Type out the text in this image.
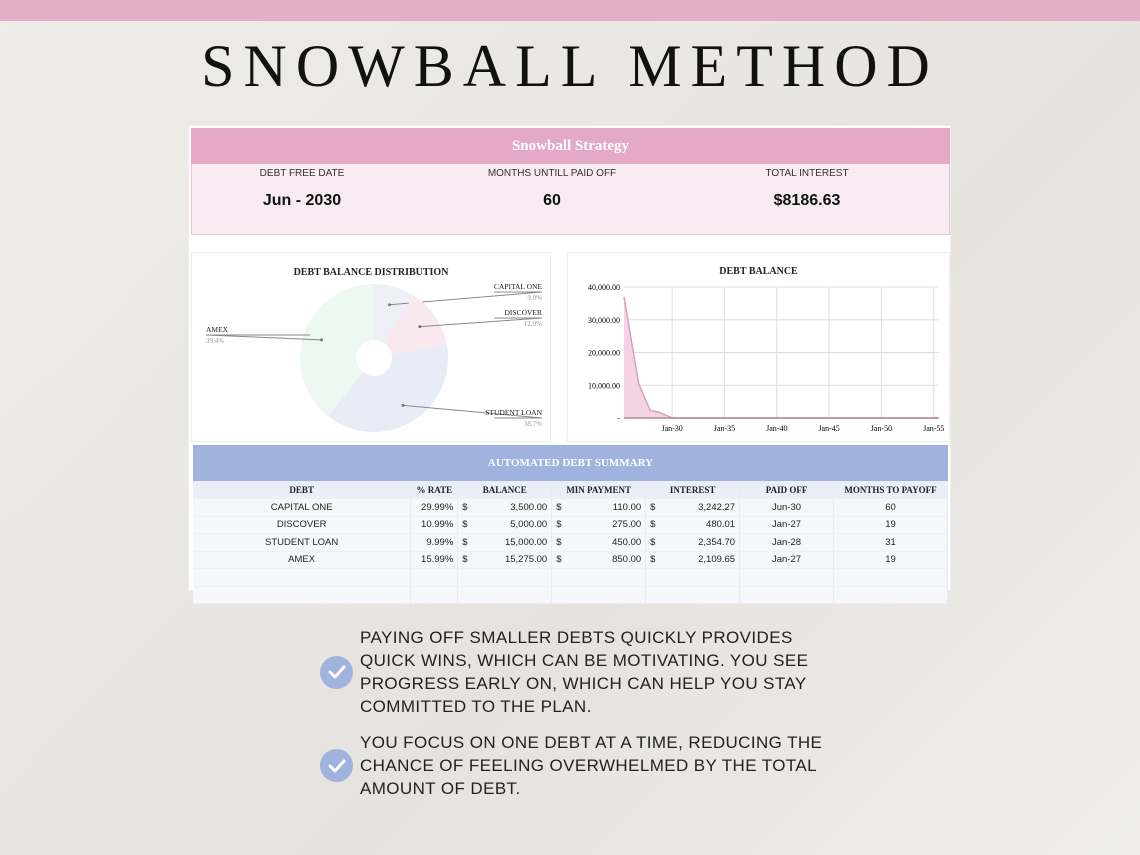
SNOWBALL METHOD
Snowball Strategy
DEBT FREE DATE
Jun - 2030
MONTHS UNTILL PAID OFF
60
TOTAL INTEREST
$8186.63
DEBT BALANCE DISTRIBUTION
CAPITAL ONE
9.0%
DISCOVER
12.9%
STUDENT LOAN
38.7%
AMEX
39.4%
DEBT BALANCE
-
10,000.00
20,000.00
30,000.00
40,000.00
Jan-30	Jan-35	Jan-40	Jan-45	Jan-50	Jan-55
AUTOMATED DEBT SUMMARY
DEBT	% RATE	BALANCE	MIN PAYMENT	INTEREST	PAID OFF	MONTHS TO PAYOFF
CAPITAL ONE	29.99%	$ 3,500.00	$ 110.00	$ 3,242.27	Jun-30	60
DISCOVER	10.99%	$ 5,000.00	$ 275.00	$ 480.01	Jan-27	19
STUDENT LOAN	9.99%	$ 15,000.00	$ 450.00	$ 2,354.70	Jan-28	31
AMEX	15.99%	$ 15,275.00	$ 850.00	$ 2,109.65	Jan-27	19

PAYING OFF SMALLER DEBTS QUICKLY PROVIDES QUICK WINS, WHICH CAN BE MOTIVATING. YOU SEE PROGRESS EARLY ON, WHICH CAN HELP YOU STAY COMMITTED TO THE PLAN.
YOU FOCUS ON ONE DEBT AT A TIME, REDUCING THE CHANCE OF FEELING OVERWHELMED BY THE TOTAL AMOUNT OF DEBT.
